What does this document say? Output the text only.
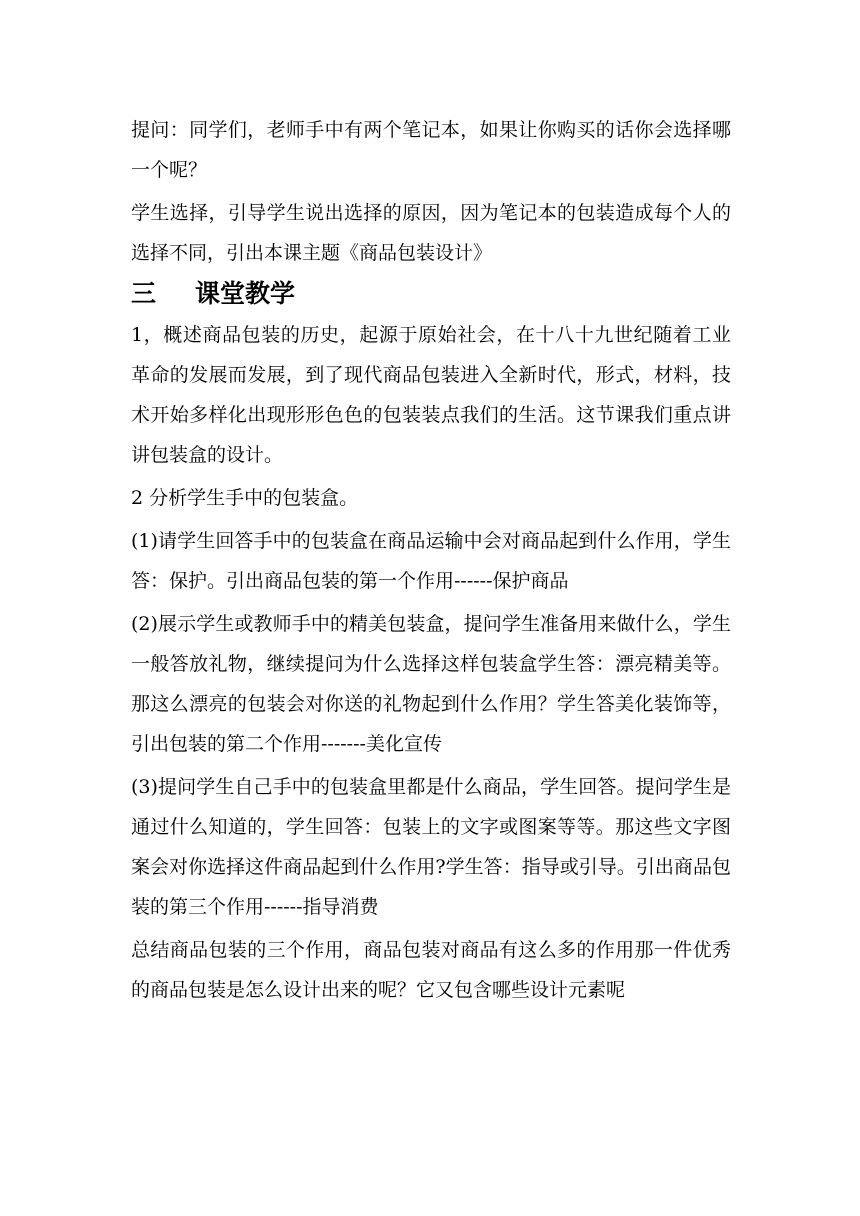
提问：同学们，老师手中有两个笔记本，如果让你购买的话你会选择哪一个呢？

学生选择，引导学生说出选择的原因，因为笔记本的包装造成每个人的选择不同，引出本课主题《商品包装设计》

三	课堂教学

1，概述商品包装的历史，起源于原始社会，在十八十九世纪随着工业革命的发展而发展，到了现代商品包装进入全新时代，形式，材料，技术开始多样化出现形形色色的包装装点我们的生活。这节课我们重点讲讲包装盒的设计。

2 分析学生手中的包装盒。

(1)请学生回答手中的包装盒在商品运输中会对商品起到什么作用，学生答：保护。引出商品包装的第一个作用------保护商品

(2)展示学生或教师手中的精美包装盒，提问学生准备用来做什么，学生一般答放礼物，继续提问为什么选择这样包装盒学生答：漂亮精美等。那这么漂亮的包装会对你送的礼物起到什么作用？学生答美化装饰等，引出包装的第二个作用-------美化宣传

(3)提问学生自己手中的包装盒里都是什么商品，学生回答。提问学生是通过什么知道的，学生回答：包装上的文字或图案等等。那这些文字图案会对你选择这件商品起到什么作用?学生答：指导或引导。引出商品包装的第三个作用------指导消费

总结商品包装的三个作用，商品包装对商品有这么多的作用那一件优秀的商品包装是怎么设计出来的呢？它又包含哪些设计元素呢
